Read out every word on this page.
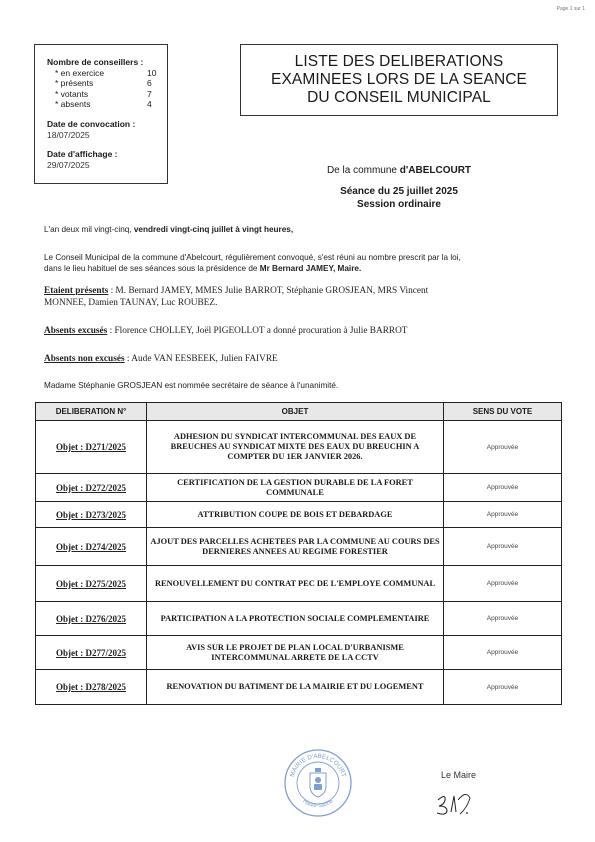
Page 1 sur 1
Nombre de conseillers :
* en exercice	10
* présents	6
* votants	7
* absents	4
Date de convocation :
18/07/2025
Date d'affichage :
29/07/2025
LISTE DES DELIBERATIONS
EXAMINEES LORS DE LA SEANCE
DU CONSEIL MUNICIPAL
De la commune d'ABELCOURT
Séance du 25 juillet 2025
Session ordinaire
L'an deux mil vingt-cinq, vendredi vingt-cinq juillet à vingt heures,
Le Conseil Municipal de la commune d'Abelcourt, régulièrement convoqué, s'est réuni au nombre prescrit par la loi,
dans le lieu habituel de ses séances sous la présidence de Mr Bernard JAMEY, Maire.
Etaient présents : M. Bernard JAMEY, MMES Julie BARROT, Stéphanie GROSJEAN, MRS Vincent
MONNEE, Damien TAUNAY, Luc ROUBEZ.
Absents excusés : Florence CHOLLEY, Joël PIGEOLLOT a donné procuration à Julie BARROT
Absents non excusés : Aude VAN EESBEEK, Julien FAIVRE
Madame Stéphanie GROSJEAN est nommée secrétaire de séance à l'unanimité.
DELIBERATION N°	OBJET	SENS DU VOTE
Objet : D271/2025	ADHESION DU SYNDICAT INTERCOMMUNAL DES EAUX DE BREUCHES AU SYNDICAT MIXTE DES EAUX DU BREUCHIN A COMPTER DU 1ER JANVIER 2026.	Approuvée
Objet : D272/2025	CERTIFICATION DE LA GESTION DURABLE DE LA FORET COMMUNALE	Approuvée
Objet : D273/2025	ATTRIBUTION COUPE DE BOIS ET DEBARDAGE	Approuvée
Objet : D274/2025	AJOUT DES PARCELLES ACHETEES PAR LA COMMUNE AU COURS DES DERNIERES ANNEES AU REGIME FORESTIER	Approuvée
Objet : D275/2025	RENOUVELLEMENT DU CONTRAT PEC DE L'EMPLOYE COMMUNAL	Approuvée
Objet : D276/2025	PARTICIPATION A LA PROTECTION SOCIALE COMPLEMENTAIRE	Approuvée
Objet : D277/2025	AVIS SUR LE PROJET DE PLAN LOCAL D'URBANISME INTERCOMMUNAL ARRETE DE LA CCTV	Approuvée
Objet : D278/2025	RENOVATION DU BATIMENT DE LA MAIRIE ET DU LOGEMENT	Approuvée
MAIRIE D'ABELCOURT
Haute-Saône
Le Maire
